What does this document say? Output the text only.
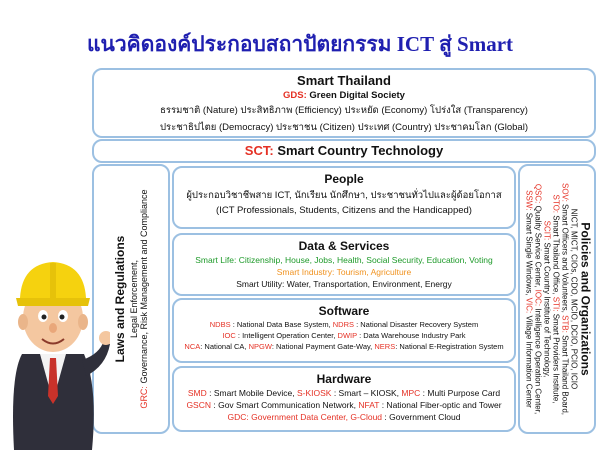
แนวคิดองค์ประกอบสถาปัตยกรรม ICT สู่ Smart
Smart Thailand
GDS: Green Digital Society
ธรรมชาติ (Nature) ประสิทธิภาพ (Efficiency) ประหยัด (Economy) โปร่งใส (Transparency)
ประชาธิปไตย (Democracy) ประชาชน (Citizen) ประเทศ (Country) ประชาคมโลก (Global)
SCT: Smart Country Technology
Laws and Regulations Legal Enforcement,
GRC: Governance, Risk Management and Compliance	Policies and Organizations
NICT, MICT, CIOs, CDO, MCIO, DCIO, PCIO, ICIO
SOV: Smart Officers and Volunteers, STB: Smart Thailand Board,
STO: Smart Thailand Office, STI: Smart Providers Institute,
SCIT: Smart Country Institute of Technology,
QSC: Quality Service Center, IOC: Intelligence Operation Center,
SSW: Smart Single Windows, VIC: Village Information Center
People
ผู้ประกอบวิชาชีพสาย ICT, นักเรียน นักศึกษา, ประชาชนทั่วไปและผู้ด้อยโอกาส
(ICT Professionals, Students, Citizens and the Handicapped)
Data & Services
Smart Life: Citizenship, House, Jobs, Health, Social Security, Education, Voting
Smart Industry: Tourism, Agriculture
Smart Utility: Water, Transportation, Environment, Energy
Software
NDBS : National Data Base System, NDRS : National Disaster Recovery System
IOC : Intelligent Operation Center, DWIP : Data Warehouse Industry Park
NCA: National CA, NPGW: National Payment Gate-Way, NERS: National E-Registration System
Hardware
SMD : Smart Mobile Device, S-KIOSK : Smart – KIOSK, MPC : Multi Purpose Card
GSCN : Gov Smart Communication Network, NFAT : National Fiber-optic and Tower
GDC: Government Data Center, G-Cloud : Government Cloud
